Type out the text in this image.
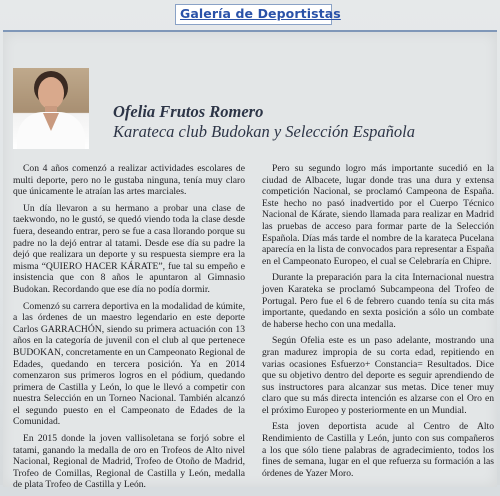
Galería de Deportistas
Ofelia Frutos Romero
Karateca club Budokan y Selección Española

Con 4 años comenzó a realizar actividades escolares de multi deporte, pero no le gustaba ninguna, tenía muy claro que únicamente le atraían las artes marciales.

Un día llevaron a su hermano a probar una clase de taekwondo, no le gustó, se quedó viendo toda la clase desde fuera, deseando entrar, pero se fue a casa llorando porque su padre no la dejó entrar al tatami. Desde ese día su padre la dejó que realizara un deporte y su respuesta siempre era la misma “QUIERO HACER KÁRATE”, fue tal su empeño e insistencia que con 8 años le apuntaron al Gimnasio Budokan. Recordando que ese día no podía dormir.

Comenzó su carrera deportiva en la modalidad de kúmite, a las órdenes de un maestro legendario en este deporte Carlos GARRACHÓN, siendo su primera actuación con 13 años en la categoría de juvenil con el club al que pertenece BUDOKAN, concretamente en un Campeonato Regional de Edades, quedando en tercera posición. Ya en 2014 comenzaron sus primeros logros en el pódium, quedando primera de Castilla y León, lo que le llevó a competir con nuestra Selección en un Torneo Nacional. También alcanzó el segundo puesto en el Campeonato de Edades de la Comunidad.

En 2015 donde la joven vallisoletana se forjó sobre el tatami, ganando la medalla de oro en Trofeos de Alto nivel Nacional, Regional de Madrid, Trofeo de Otoño de Madrid, Trofeo de Comillas, Regional de Castilla y León, medalla de plata Trofeo de Castilla y León.

Pero su segundo logro más importante sucedió en la ciudad de Albacete, lugar donde tras una dura y extensa competición Nacional, se proclamó Campeona de España. Este hecho no pasó inadvertido por el Cuerpo Técnico Nacional de Kárate, siendo llamada para realizar en Madrid las pruebas de acceso para formar parte de la Selección Española. Días más tarde el nombre de la karateca Pucelana aparecía en la lista de convocados para representar a España en el Campeonato Europeo, el cual se Celebraría en Chipre.

Durante la preparación para la cita Internacional nuestra joven Karateka se proclamó Subcampeona del Trofeo de Portugal. Pero fue el 6 de febrero cuando tenía su cita más importante, quedando en sexta posición a sólo un combate de haberse hecho con una medalla.

Según Ofelia este es un paso adelante, mostrando una gran madurez impropia de su corta edad, repitiendo en varias ocasiones Esfuerzo+ Constancia= Resultados. Dice que su objetivo dentro del deporte es seguir aprendiendo de sus instructores para alcanzar sus metas. Dice tener muy claro que su más directa intención es alzarse con el Oro en el próximo Europeo y posteriormente en un Mundial.

Esta joven deportista acude al Centro de Alto Rendimiento de Castilla y León, junto con sus compañeros a los que sólo tiene palabras de agradecimiento, todos los fines de semana, lugar en el que refuerza su formación a las órdenes de Yazer Moro.
